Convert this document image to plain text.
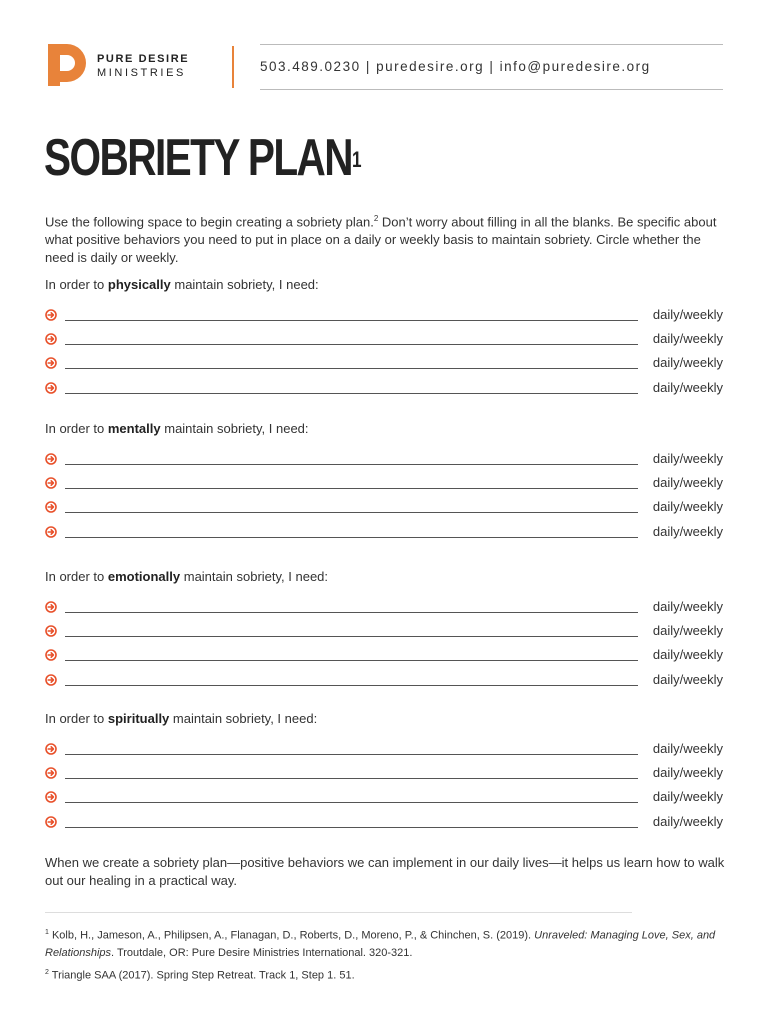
PURE DESIRE
MINISTRIES	503.489.0230 | puredesire.org | info@puredesire.org
SOBRIETY PLAN$^1$
Use the following space to begin creating a sobriety plan.$^2$ Don’t worry about filling in all the blanks. Be specific about what positive behaviors you need to put in place on a daily or weekly basis to maintain sobriety. Circle whether the need is daily or weekly.
In order to physically maintain sobriety, I need:
daily/weekly
daily/weekly
daily/weekly
daily/weekly
In order to mentally maintain sobriety, I need:
daily/weekly
daily/weekly
daily/weekly
daily/weekly
In order to emotionally maintain sobriety, I need:
daily/weekly
daily/weekly
daily/weekly
daily/weekly
In order to spiritually maintain sobriety, I need:
daily/weekly
daily/weekly
daily/weekly
daily/weekly
When we create a sobriety plan—positive behaviors we can implement in our daily lives—it helps us learn how to walk out our healing in a practical way.
$^1$ Kolb, H., Jameson, A., Philipsen, A., Flanagan, D., Roberts, D., Moreno, P., & Chinchen, S. (2019). Unraveled: Managing Love, Sex, and Relationships. Troutdale, OR: Pure Desire Ministries International. 320-321.
$^2$ Triangle SAA (2017). Spring Step Retreat. Track 1, Step 1. 51.
